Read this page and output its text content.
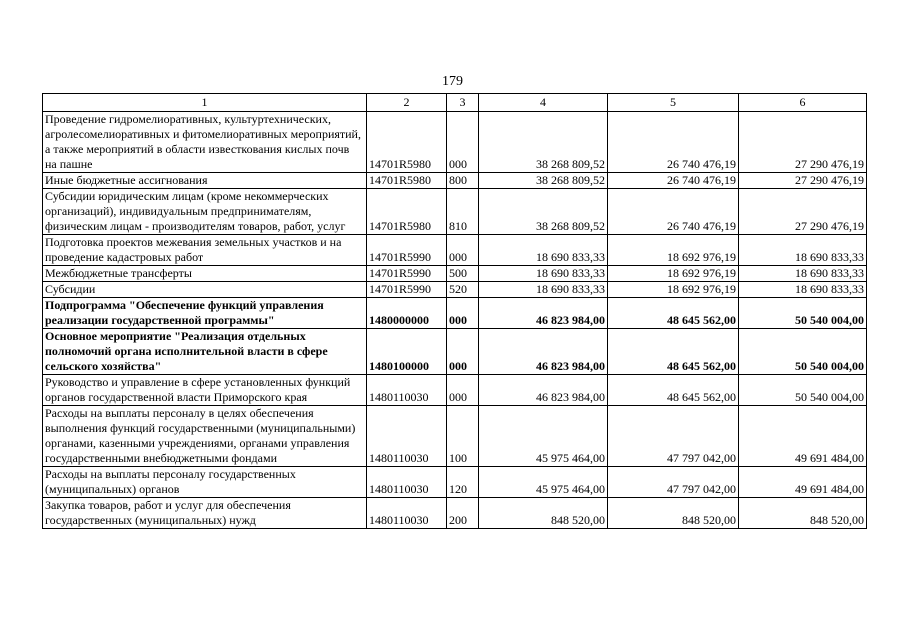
179
1	2	3	4	5	6
Проведение гидромелиоративных, культуртехнических, агролесомелиоративных и фитомелиоративных мероприятий, а также мероприятий в области известкования кислых почв на пашне	14701R5980	000	38 268 809,52	26 740 476,19	27 290 476,19
Иные бюджетные ассигнования	14701R5980	800	38 268 809,52	26 740 476,19	27 290 476,19
Субсидии юридическим лицам (кроме некоммерческих организаций), индивидуальным предпринимателям, физическим лицам - производителям товаров, работ, услуг	14701R5980	810	38 268 809,52	26 740 476,19	27 290 476,19
Подготовка проектов межевания земельных участков и на проведение кадастровых работ	14701R5990	000	18 690 833,33	18 692 976,19	18 690 833,33
Межбюджетные трансферты	14701R5990	500	18 690 833,33	18 692 976,19	18 690 833,33
Субсидии	14701R5990	520	18 690 833,33	18 692 976,19	18 690 833,33
Подпрограмма "Обеспечение функций управления реализации государственной программы"	1480000000	000	46 823 984,00	48 645 562,00	50 540 004,00
Основное мероприятие "Реализация отдельных полномочий органа исполнительной власти в сфере сельского хозяйства"	1480100000	000	46 823 984,00	48 645 562,00	50 540 004,00
Руководство и управление в сфере установленных функций органов государственной власти Приморского края	1480110030	000	46 823 984,00	48 645 562,00	50 540 004,00
Расходы на выплаты персоналу в целях обеспечения выполнения функций государственными (муниципальными) органами, казенными учреждениями, органами управления государственными внебюджетными фондами	1480110030	100	45 975 464,00	47 797 042,00	49 691 484,00
Расходы на выплаты персоналу государственных (муниципальных) органов	1480110030	120	45 975 464,00	47 797 042,00	49 691 484,00
Закупка товаров, работ и услуг для обеспечения государственных (муниципальных) нужд	1480110030	200	848 520,00	848 520,00	848 520,00
